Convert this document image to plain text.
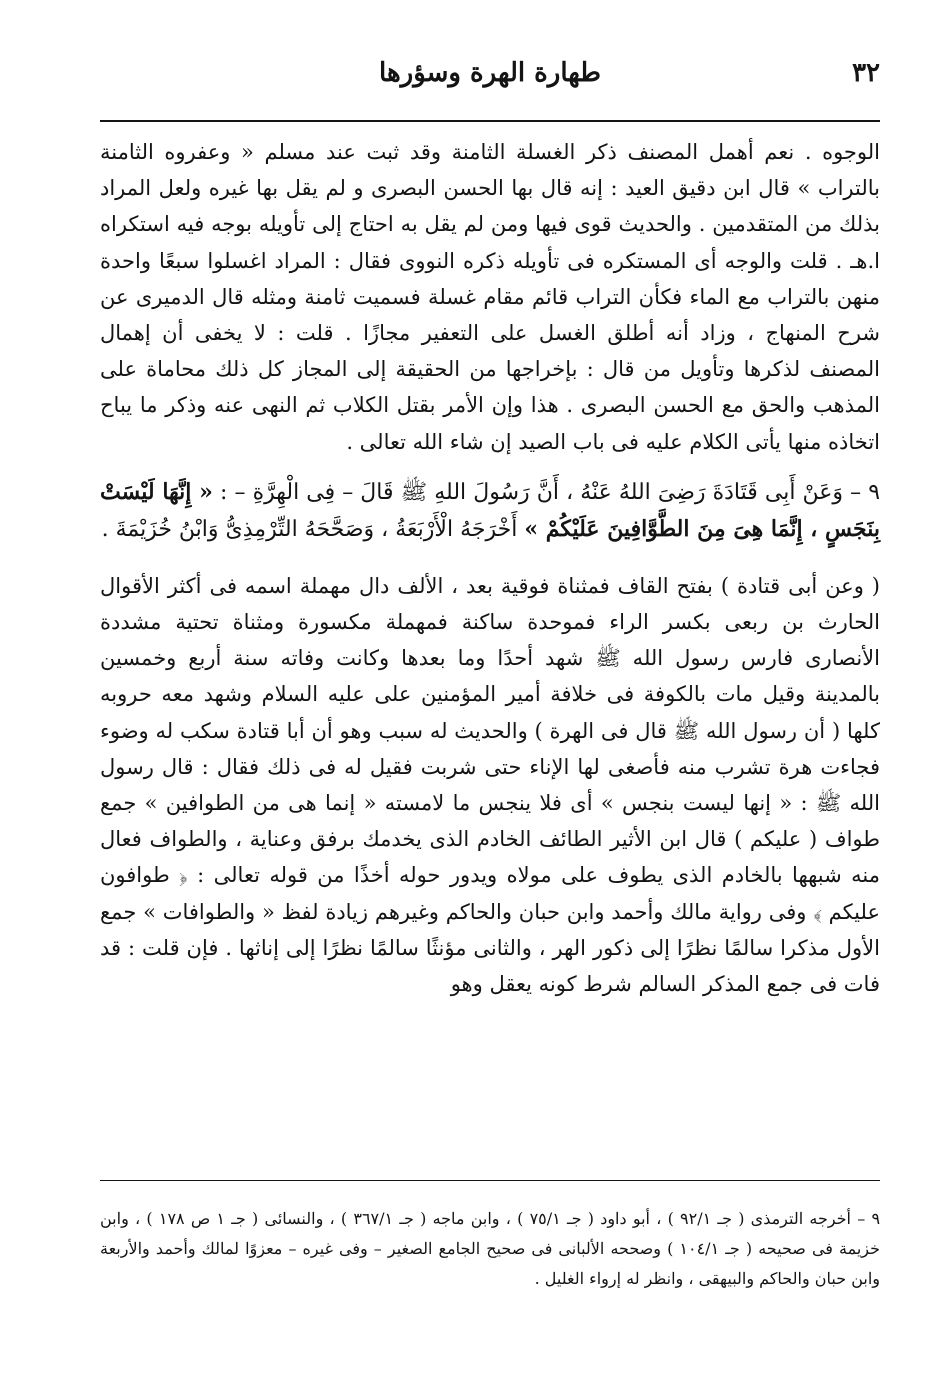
٣٢
طهارة الهرة وسؤرها

الوجوه . نعم أهمل المصنف ذكر الغسلة الثامنة وقد ثبت عند مسلم « وعفروه الثامنة بالتراب » قال ابن دقيق العيد : إنه قال بها الحسن البصرى و لم يقل بها غيره ولعل المراد بذلك من المتقدمين . والحديث قوى فيها ومن لم يقل به احتاج إلى تأويله بوجه فيه استكراه ا.هـ . قلت والوجه أى المستكره فى تأويله ذكره النووى فقال : المراد اغسلوا سبعًا واحدة منهن بالتراب مع الماء فكأن التراب قائم مقام غسلة فسميت ثامنة ومثله قال الدميرى عن شرح المنهاج ، وزاد أنه أطلق الغسل على التعفير مجازًا . قلت : لا يخفى أن إهمال المصنف لذكرها وتأويل من قال : بإخراجها من الحقيقة إلى المجاز كل ذلك محاماة على المذهب والحق مع الحسن البصرى . هذا وإن الأمر بقتل الكلاب ثم النهى عنه وذكر ما يباح اتخاذه منها يأتى الكلام عليه فى باب الصيد إن شاء الله تعالى .

٩ – وَعَنْ أَبِى قَتَادَةَ رَضِىَ اللهُ عَنْهُ ، أَنَّ رَسُولَ اللهِ ﷺ قَالَ – فِى الْهِرَّةِ – : « إِنَّهَا لَيْسَتْ بِنَجَسٍ ، إِنَّمَا هِىَ مِنَ الطَّوَّافِينَ عَلَيْكُمْ » أَخْرَجَهُ الْأَرْبَعَةُ ، وَصَحَّحَهُ التِّرْمِذِىُّ وَابْنُ خُزَيْمَةَ .

( وعن أبى قتادة ) بفتح القاف فمثناة فوقية بعد ، الألف دال مهملة اسمه فى أكثر الأقوال الحارث بن ربعى بكسر الراء فموحدة ساكنة فمهملة مكسورة ومثناة تحتية مشددة الأنصارى فارس رسول الله ﷺ شهد أحدًا وما بعدها وكانت وفاته سنة أربع وخمسين بالمدينة وقيل مات بالكوفة فى خلافة أمير المؤمنين على عليه السلام وشهد معه حروبه كلها ( أن رسول الله ﷺ قال فى الهرة ) والحديث له سبب وهو أن أبا قتادة سكب له وضوء فجاءت هرة تشرب منه فأصغى لها الإناء حتى شربت فقيل له فى ذلك فقال : قال رسول الله ﷺ : « إنها ليست بنجس » أى فلا ينجس ما لامسته « إنما هى من الطوافين » جمع طواف ( عليكم ) قال ابن الأثير الطائف الخادم الذى يخدمك برفق وعناية ، والطواف فعال منه شبهها بالخادم الذى يطوف على مولاه ويدور حوله أخذًا من قوله تعالى : ﴿ طوافون عليكم ﴾ وفى رواية مالك وأحمد وابن حبان والحاكم وغيرهم زيادة لفظ « والطوافات » جمع الأول مذكرا سالمًا نظرًا إلى ذكور الهر ، والثانى مؤنثًا سالمًا نظرًا إلى إناثها . فإن قلت : قد فات فى جمع المذكر السالم شرط كونه يعقل وهو

٩ – أخرجه الترمذى ( جـ ٩٢/١ ) ، أبو داود ( جـ ٧٥/١ ) ، وابن ماجه ( جـ ٣٦٧/١ ) ، والنسائى ( جـ ١ ص ١٧٨ ) ، وابن خزيمة فى صحيحه ( جـ ١٠٤/١ ) وصححه الألبانى فى صحيح الجامع الصغير – وفى غيره – معزوًا لمالك وأحمد والأربعة وابن حبان والحاكم والبيهقى ، وانظر له إرواء الغليل .
